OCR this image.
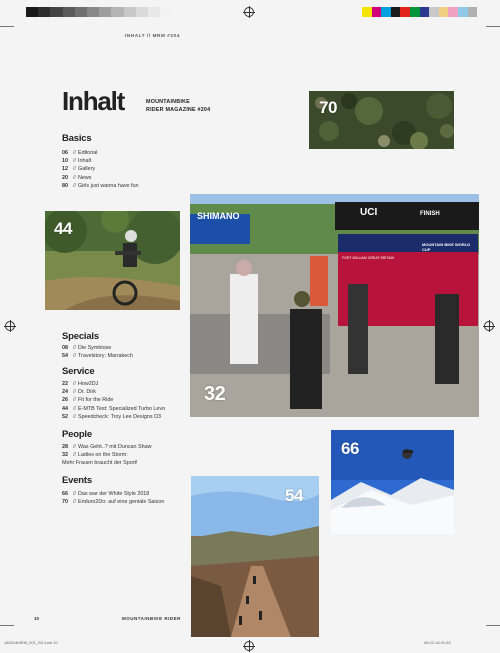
INHALT // MRM #204
Inhalt	MOUNTAINBIKE
RIDER MAGAZINE #204
Basics
06 // Editorial
10 // Inhalt
12 // Gallery
20 // News
80 // Girls just wanna have fun
Specials
08 // Die Symbiose
54 // Travelstory: Marrakech
Service
22 // How2DJ
24 // Dr. Dirk
26 // Fit for the Ride
44 // E-MTB Test: Specialized Turbo Levo
52 // Speedcheck: Troy Lee Designs D3
People
28 // Was Geht..? mit Duncan Shaw
32 // Ladies on the Storm:
Mehr Frauen braucht der Sport!
Events
66 // Das war der White Style 2018
70 // Enduro2Do: auf eine geniale Saison
70
44
SHIMANO	UCI	FINISH
MOUNTAIN BIKE WORLD CUP
FORT WILLIAM GREAT BRITAIN
32
66
54
10	MOUNTAINBIKE RIDER
180314MRM_001_RZ.indd 10	06.02.18 01:53
